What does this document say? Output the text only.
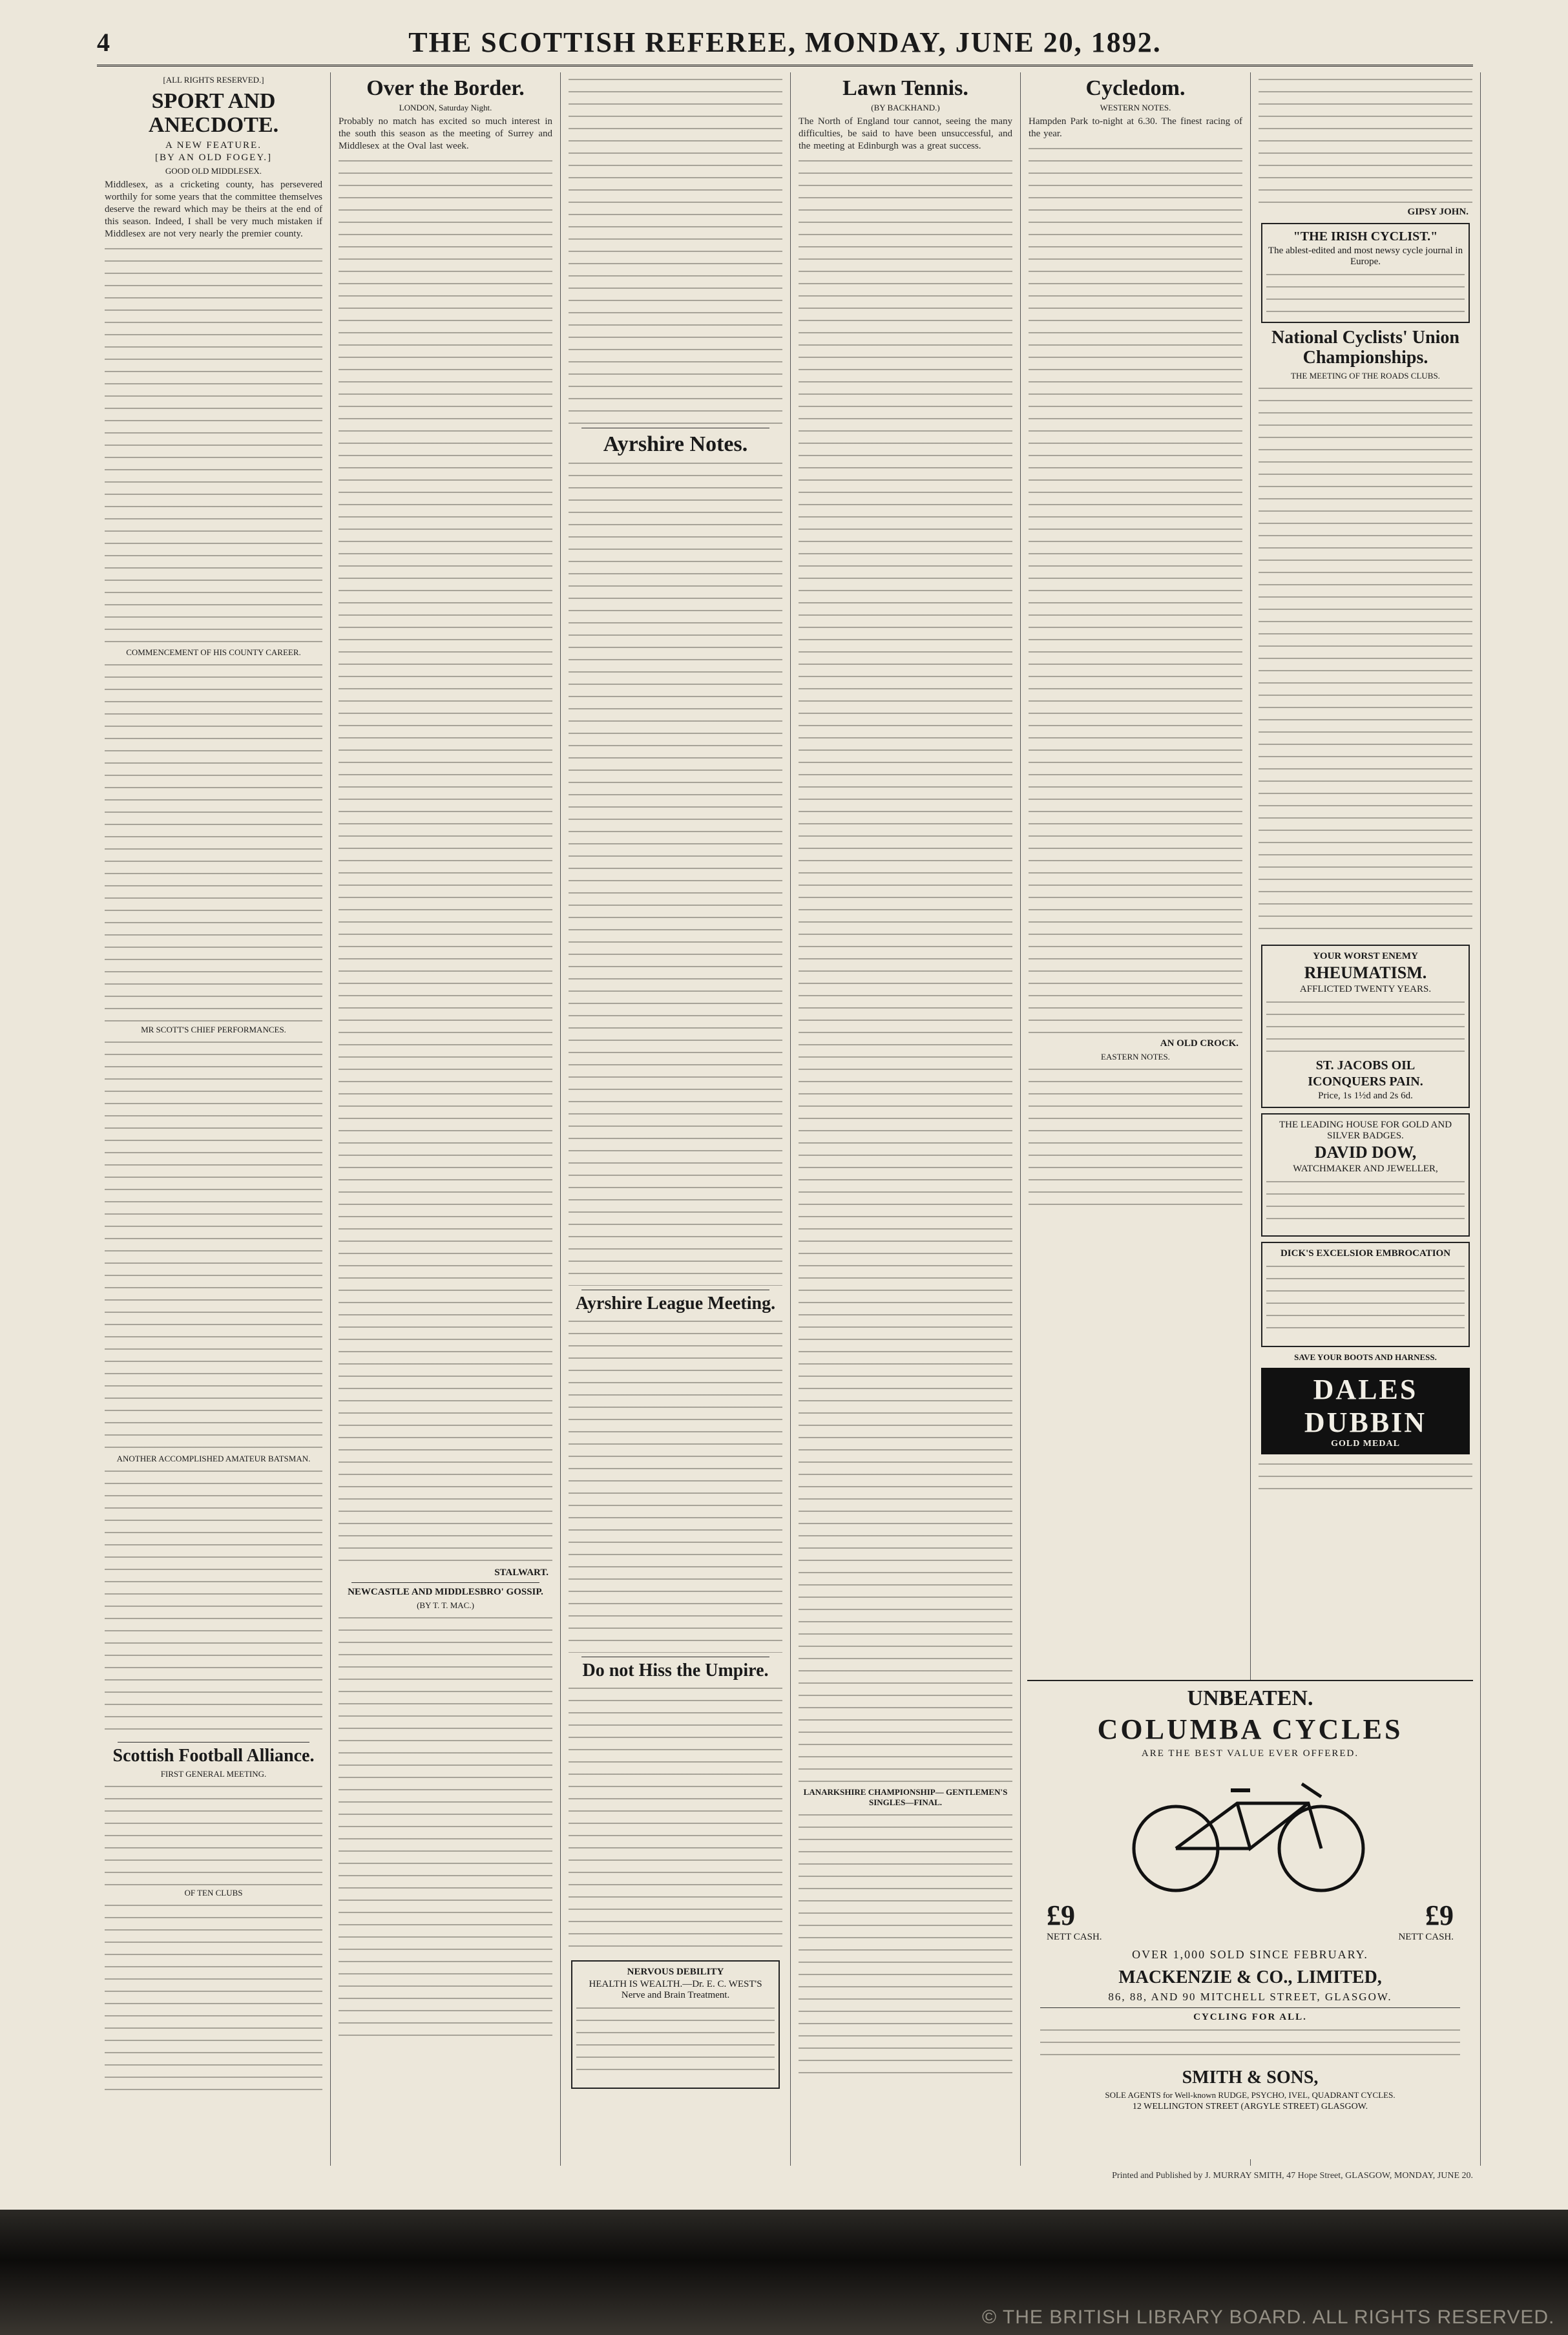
4	THE SCOTTISH REFEREE, MONDAY, JUNE 20, 1892.
[ALL RIGHTS RESERVED.]
SPORT AND ANECDOTE.
A NEW FEATURE.
[BY AN OLD FOGEY.]
GOOD OLD MIDDLESEX.

Middlesex, as a cricketing county, has persevered worthily for some years that the committee themselves deserve the reward which may be theirs at the end of this season. Indeed, I shall be very much mistaken if Middlesex are not very nearly the premier county.

COMMENCEMENT OF HIS COUNTY CAREER.
MR SCOTT'S CHIEF PERFORMANCES.
ANOTHER ACCOMPLISHED AMATEUR BATSMAN.
Scottish Football Alliance.
FIRST GENERAL MEETING.
OF TEN CLUBS
Over the Border.
LONDON, Saturday Night.

Probably no match has excited so much interest in the south this season as the meeting of Surrey and Middlesex at the Oval last week.

STALWART.
NEWCASTLE AND MIDDLESBRO' GOSSIP.
(BY T. T. MAC.)
Ayrshire Notes.
Ayrshire League Meeting.
Do not Hiss the Umpire.
NERVOUS DEBILITY
HEALTH IS WEALTH.—Dr. E. C. WEST'S Nerve and Brain Treatment.
Lawn Tennis.
(BY BACKHAND.)

The North of England tour cannot, seeing the many difficulties, be said to have been unsuccessful, and the meeting at Edinburgh was a great success.

LANARKSHIRE CHAMPIONSHIP— GENTLEMEN'S SINGLES—FINAL.
Cycledom.
WESTERN NOTES.

Hampden Park to-night at 6.30. The finest racing of the year.

AN OLD CROCK.
EASTERN NOTES.
GIPSY JOHN.
"THE IRISH CYCLIST."
The ablest-edited and most newsy cycle journal in Europe.
National Cyclists' Union Championships.
THE MEETING OF THE ROADS CLUBS.
YOUR WORST ENEMY
RHEUMATISM.
AFFLICTED TWENTY YEARS.
ST. JACOBS OIL
ICONQUERS PAIN.
Price, 1s 1½d and 2s 6d.
THE LEADING HOUSE FOR GOLD AND SILVER BADGES.
DAVID DOW,
WATCHMAKER AND JEWELLER,
DICK'S EXCELSIOR EMBROCATION
SAVE YOUR BOOTS AND HARNESS.
DALES DUBBIN
GOLD MEDAL
UNBEATEN.
COLUMBA CYCLES
ARE THE BEST VALUE EVER OFFERED.
£9	£9
NETT CASH.	NETT CASH.
OVER 1,000 SOLD SINCE FEBRUARY.
MACKENZIE & CO., LIMITED,
86, 88, AND 90 MITCHELL STREET, GLASGOW.
CYCLING FOR ALL.
SMITH & SONS,
SOLE AGENTS for Well-known RUDGE, PSYCHO, IVEL, QUADRANT CYCLES.
12 WELLINGTON STREET (ARGYLE STREET) GLASGOW.
Printed and Published by J. MURRAY SMITH, 47 Hope Street, GLASGOW, MONDAY, JUNE 20.
© THE BRITISH LIBRARY BOARD. ALL RIGHTS RESERVED.
